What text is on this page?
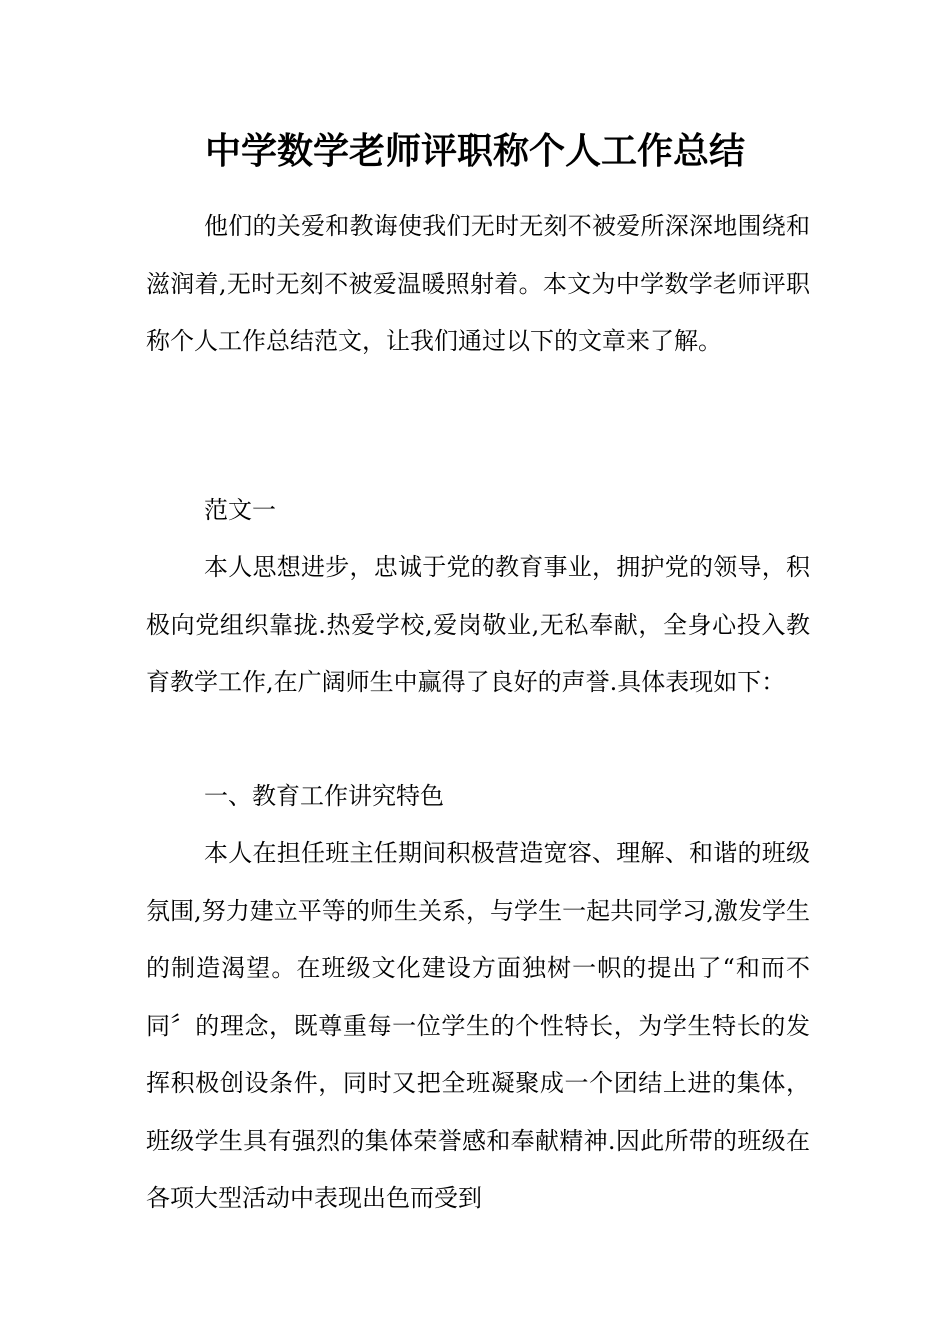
中学数学老师评职称个人工作总结

他们的关爱和教诲使我们无时无刻不被爱所深深地围绕和滋润着,无时无刻不被爱温暖照射着。本文为中学数学老师评职称个人工作总结范文，让我们通过以下的文章来了解。

范文一

本人思想进步，忠诚于党的教育事业，拥护党的领导，积极向党组织靠拢.热爱学校,爱岗敬业,无私奉献，全身心投入教育教学工作,在广阔师生中赢得了良好的声誉.具体表现如下：

一、教育工作讲究特色

本人在担任班主任期间积极营造宽容、理解、和谐的班级氛围,努力建立平等的师生关系，与学生一起共同学习,激发学生的制造渴望。在班级文化建设方面独树一帜的提出了“和而不同〞的理念，既尊重每一位学生的个性特长，为学生特长的发挥积极创设条件，同时又把全班凝聚成一个团结上进的集体，班级学生具有强烈的集体荣誉感和奉献精神.因此所带的班级在各项大型活动中表现出色而受到
